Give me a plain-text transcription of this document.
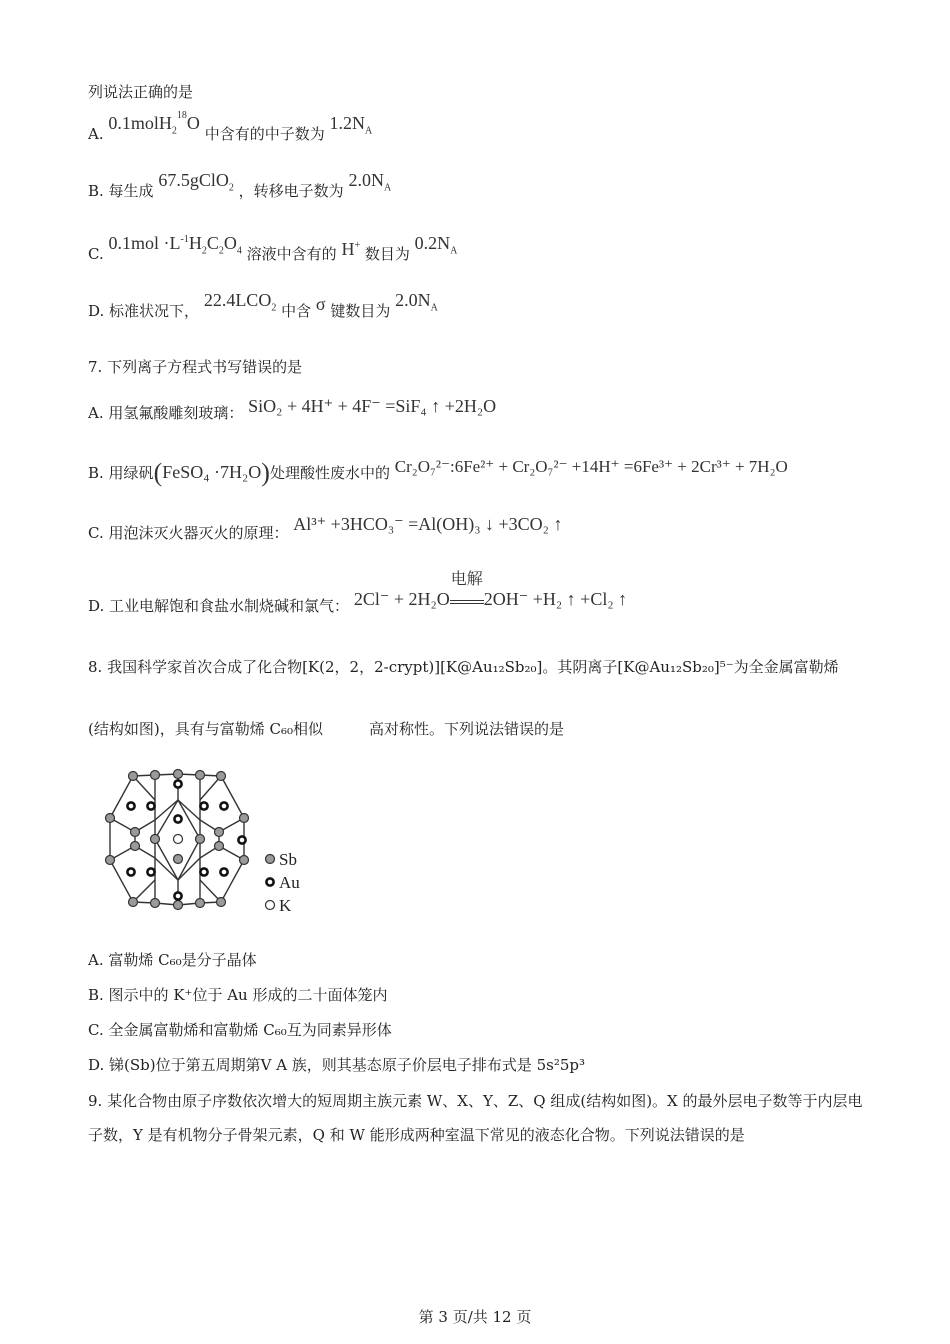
列说法正确的是
A. 0.1molH$_2^{18}$O 中含有的中子数为 $1.2N_A$
B. 每生成 67.5gClO$_2$ ，转移电子数为 $2.0N_A$
C. $0.1mol \cdot L^{-1}H_2C_2O_4$ 溶液中含有的 H+ 数目为 $0.2N_A$
D. 标准状况下， $22.4LCO_2$ 中含 σ 键数目为 $2.0N_A$
7. 下列离子方程式书写错误的是
A. 用氢氟酸雕刻玻璃： SiO₂ + 4H⁺ + 4F⁻ =SiF₄ ↑ +2H₂O
B. 用绿矾(FeSO₄ ·7H₂O)处理酸性废水中的 Cr₂O₇²⁻:6Fe²⁺ + Cr₂O₇²⁻ +14H⁺ =6Fe³⁺ + 2Cr³⁺ + 7H₂O
C. 用泡沫灭火器灭火的原理： Al³⁺ +3HCO₃⁻ =Al(OH)₃ ↓ +3CO₂ ↑
D. 工业电解饱和食盐水制烧碱和氯气： 2Cl⁻ + 2H₂O
电解
2OH⁻ +H₂ ↑ +Cl₂ ↑
8. 我国科学家首次合成了化合物[K(2，2，2-crypt)][K@Au₁₂Sb₂₀]。其阴离子[K@Au₁₂Sb₂₀]⁵⁻为全金属富勒烯
(结构如图)，具有与富勒烯 C₆₀相似	高对称性。下列说法错误的是
Sb
Au
K
A. 富勒烯 C₆₀是分子晶体
B. 图示中的 K⁺位于 Au 形成的二十面体笼内
C. 全金属富勒烯和富勒烯 C₆₀互为同素异形体
D. 锑(Sb)位于第五周期第Ⅴ A 族，则其基态原子价层电子排布式是 5s²5p³
9. 某化合物由原子序数依次增大的短周期主族元素 W、X、Y、Z、Q 组成(结构如图)。X 的最外层电子数等于内层电子数，Y 是有机物分子骨架元素，Q 和 W 能形成两种室温下常见的液态化合物。下列说法错误的是
第 3 页/共 12 页
